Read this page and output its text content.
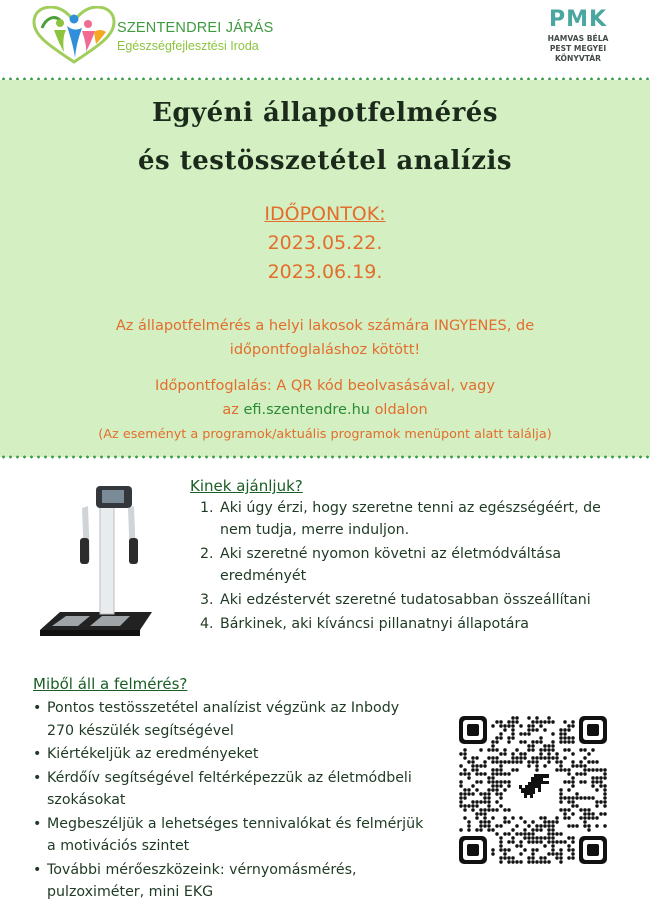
SZENTENDREI JÁRÁS
Egészségfejlesztési Iroda
PMK
HAMVAS BÉLA
PEST MEGYEI
KÖNYVTÁR
Egyéni állapotfelmérés
és testösszetétel analízis
IDŐPONTOK:
2023.05.22.
2023.06.19.
Az állapotfelmérés a helyi lakosok számára INGYENES, de
időpontfoglaláshoz kötött!
Időpontfoglalás: A QR kód beolvasásával, vagy
az efi.szentendre.hu oldalon
(Az eseményt a programok/aktuális programok menüpont alatt találja)
Kinek ajánljuk?
1. Aki úgy érzi, hogy szeretne tenni az egészségéért, de nem tudja, merre induljon.
2. Aki szeretné nyomon követni az életmódváltása eredményét
3. Aki edzéstervét szeretné tudatosabban összeállítani
4. Bárkinek, aki kíváncsi pillanatnyi állapotára
Miből áll a felmérés?
• Pontos testösszetétel analízist végzünk az Inbody 270 készülék segítségével
• Kiértékeljük az eredményeket
• Kérdőív segítségével feltérképezzük az életmódbeli szokásokat
• Megbeszéljük a lehetséges tennivalókat és felmérjük a motivációs szintet
• További mérőeszközeink: vérnyomásmérés, pulzoximéter, mini EKG
